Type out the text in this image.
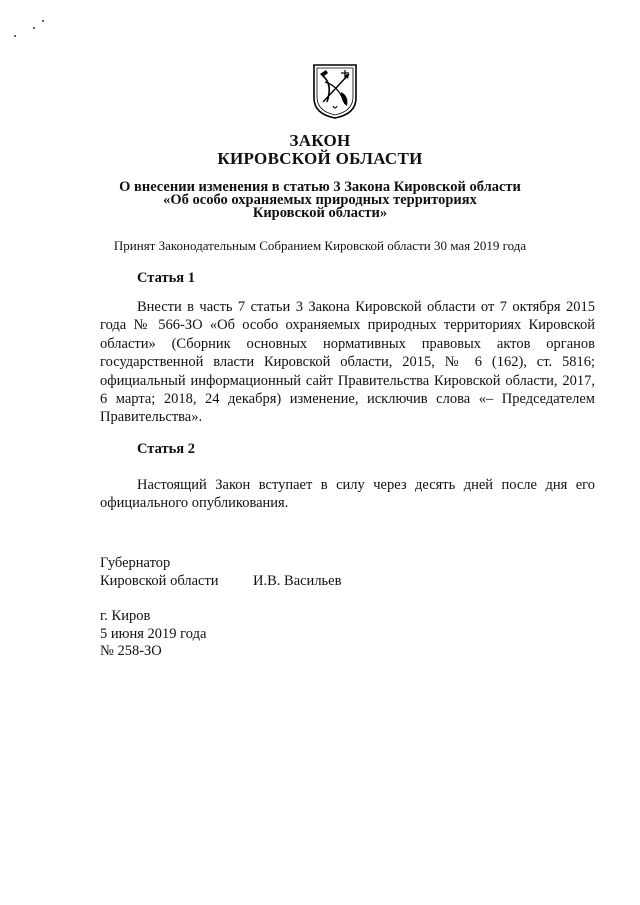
ЗАКОН
КИРОВСКОЙ ОБЛАСТИ
О внесении изменения в статью 3 Закона Кировской области
«Об особо охраняемых природных территориях
Кировской области»
Принят Законодательным Собранием Кировской области 30 мая 2019 года
Статья 1

Внести в часть 7 статьи 3 Закона Кировской области от 7 октября 2015 года № 566-ЗО «Об особо охраняемых природных территориях Кировской области» (Сборник основных нормативных правовых актов органов государственной власти Кировской области, 2015, № 6 (162), ст. 5816; официальный информационный сайт Правительства Кировской области, 2017, 6 марта; 2018, 24 декабря) изменение, исключив слова «– Председателем Правительства».

Статья 2

Настоящий Закон вступает в силу через десять дней после дня его официального опубликования.

Губернатор
Кировской области И.В. Васильев
г. Киров
5 июня 2019 года
№ 258-ЗО
